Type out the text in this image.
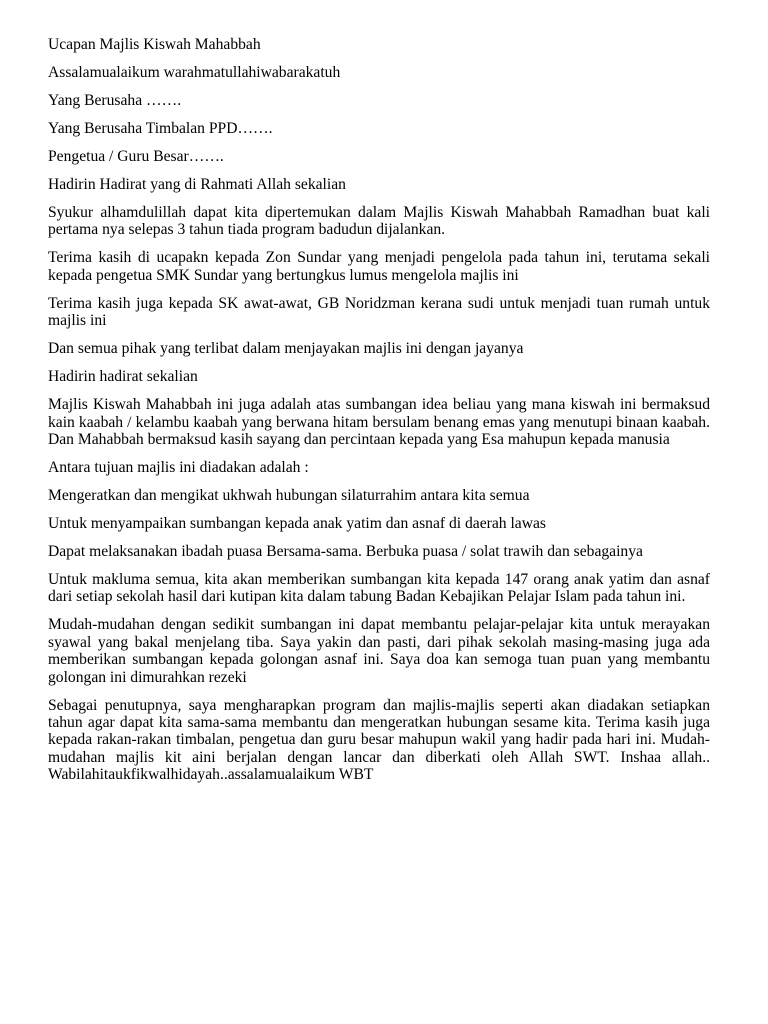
Ucapan Majlis Kiswah Mahabbah

Assalamualaikum warahmatullahiwabarakatuh

Yang Berusaha …….

Yang Berusaha Timbalan PPD…….

Pengetua / Guru Besar…….

Hadirin Hadirat yang di Rahmati Allah sekalian

Syukur alhamdulillah dapat kita dipertemukan dalam Majlis Kiswah Mahabbah Ramadhan buat kali pertama nya selepas 3 tahun tiada program badudun dijalankan.

Terima kasih di ucapakn kepada Zon Sundar yang menjadi pengelola pada tahun ini, terutama sekali kepada pengetua SMK Sundar yang bertungkus lumus mengelola majlis ini

Terima kasih juga kepada SK awat-awat, GB Noridzman kerana sudi untuk menjadi tuan rumah untuk majlis ini

Dan semua pihak yang terlibat dalam menjayakan majlis ini dengan jayanya

Hadirin hadirat sekalian

Majlis Kiswah Mahabbah ini juga adalah atas sumbangan idea beliau yang mana kiswah ini bermaksud kain kaabah / kelambu kaabah yang berwana hitam bersulam benang emas yang menutupi binaan kaabah. Dan Mahabbah bermaksud kasih sayang dan percintaan kepada yang Esa mahupun kepada manusia

Antara tujuan majlis ini diadakan adalah :

Mengeratkan dan mengikat ukhwah hubungan silaturrahim antara kita semua

Untuk menyampaikan sumbangan kepada anak yatim dan asnaf di daerah lawas

Dapat melaksanakan ibadah puasa Bersama-sama. Berbuka puasa / solat trawih dan sebagainya

Untuk makluma semua, kita akan memberikan sumbangan kita kepada 147 orang anak yatim dan asnaf dari setiap sekolah hasil dari kutipan kita dalam tabung Badan Kebajikan Pelajar Islam pada tahun ini.

Mudah-mudahan dengan sedikit sumbangan ini dapat membantu pelajar-pelajar kita untuk merayakan syawal yang bakal menjelang tiba. Saya yakin dan pasti, dari pihak sekolah masing-masing juga ada memberikan sumbangan kepada golongan asnaf ini. Saya doa kan semoga tuan puan yang membantu golongan ini dimurahkan rezeki

Sebagai penutupnya, saya mengharapkan program dan majlis-majlis seperti akan diadakan setiapkan tahun agar dapat kita sama-sama membantu dan mengeratkan hubungan sesame kita. Terima kasih juga kepada rakan-rakan timbalan, pengetua dan guru besar mahupun wakil yang hadir pada hari ini. Mudah-mudahan majlis kit aini berjalan dengan lancar dan diberkati oleh Allah SWT. Inshaa allah.. Wabilahitaukfikwalhidayah..assalamualaikum WBT
